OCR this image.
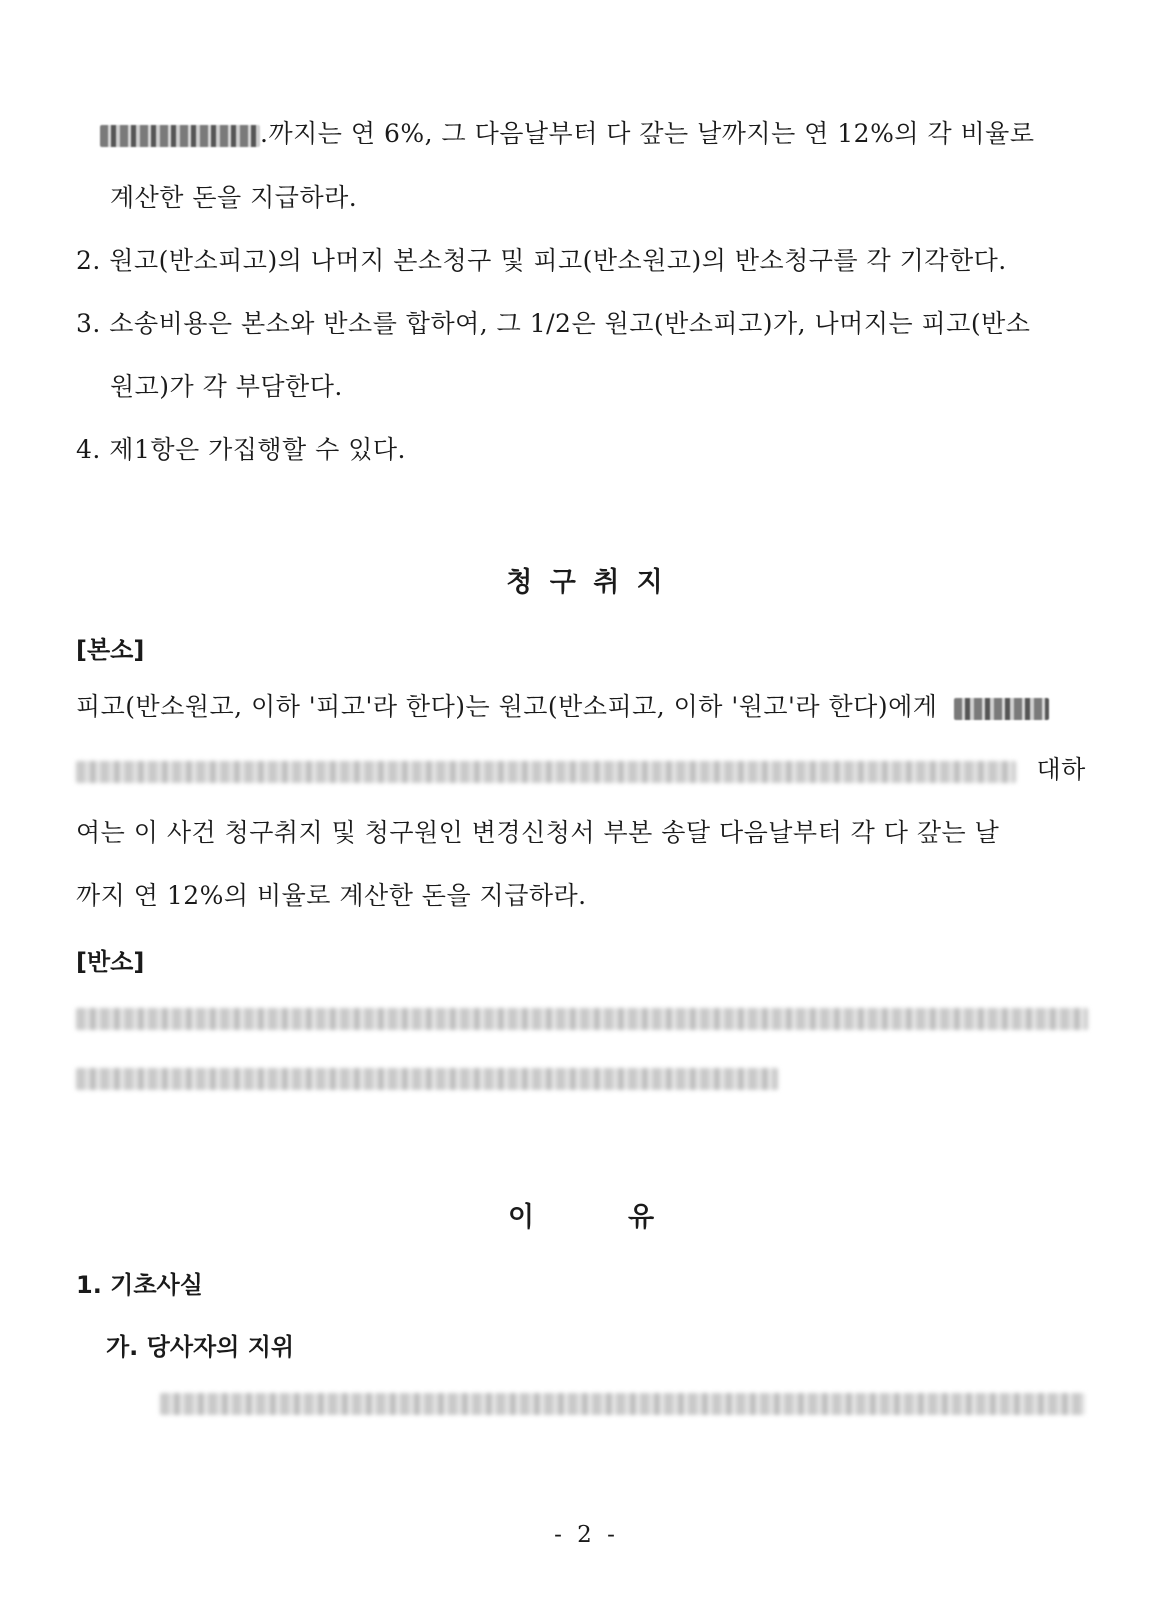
.까지는 연 6%, 그 다음날부터 다 갚는 날까지는 연 12%의 각 비율로
계산한 돈을 지급하라.
2. 원고(반소피고)의 나머지 본소청구 및 피고(반소원고)의 반소청구를 각 기각한다.
3. 소송비용은 본소와 반소를 합하여, 그 1/2은 원고(반소피고)가, 나머지는 피고(반소
원고)가 각 부담한다.
4. 제1항은 가집행할 수 있다.
청 구 취 지
[본소]
피고(반소원고, 이하 '피고'라 한다)는 원고(반소피고, 이하 '원고'라 한다)에게
대하
여는 이 사건 청구취지 및 청구원인 변경신청서 부본 송달 다음날부터 각 다 갚는 날
까지 연 12%의 비율로 계산한 돈을 지급하라.
[반소]
이	유
1. 기초사실
가. 당사자의 지위
- 2 -
